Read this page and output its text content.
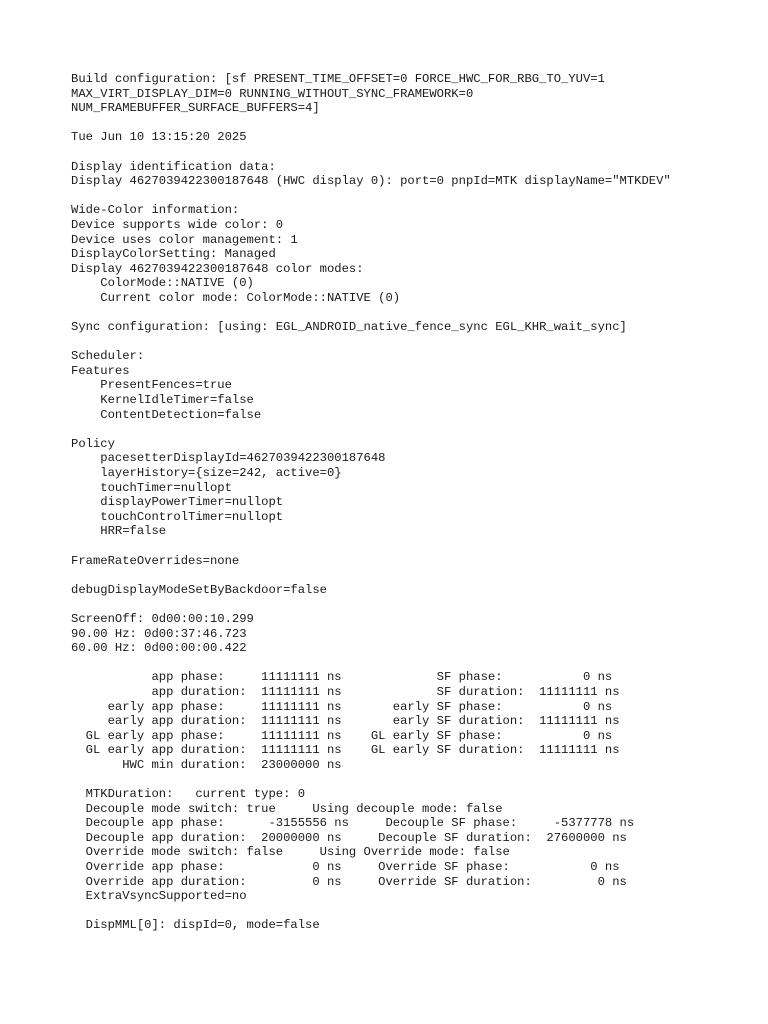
Build configuration: [sf PRESENT_TIME_OFFSET=0 FORCE_HWC_FOR_RBG_TO_YUV=1
MAX_VIRT_DISPLAY_DIM=0 RUNNING_WITHOUT_SYNC_FRAMEWORK=0
NUM_FRAMEBUFFER_SURFACE_BUFFERS=4]
Tue Jun 10 13:15:20 2025
Display identification data:
Display 4627039422300187648 (HWC display 0): port=0 pnpId=MTK displayName="MTKDEV"
Wide-Color information:
Device supports wide color: 0
Device uses color management: 1
DisplayColorSetting: Managed
Display 4627039422300187648 color modes:
ColorMode::NATIVE (0)
Current color mode: ColorMode::NATIVE (0)
Sync configuration: [using: EGL_ANDROID_native_fence_sync EGL_KHR_wait_sync]
Scheduler:
Features
PresentFences=true
KernelIdleTimer=false
ContentDetection=false
Policy
pacesetterDisplayId=4627039422300187648
layerHistory={size=242, active=0}
touchTimer=nullopt
displayPowerTimer=nullopt
touchControlTimer=nullopt
HRR=false
FrameRateOverrides=none
debugDisplayModeSetByBackdoor=false
ScreenOff: 0d00:00:10.299
90.00 Hz: 0d00:37:46.723
60.00 Hz: 0d00:00:00.422
app phase:     11111111 ns             SF phase:           0 ns
app duration:  11111111 ns             SF duration:  11111111 ns
early app phase:     11111111 ns       early SF phase:           0 ns
early app duration:  11111111 ns       early SF duration:  11111111 ns
GL early app phase:     11111111 ns    GL early SF phase:           0 ns
GL early app duration:  11111111 ns    GL early SF duration:  11111111 ns
HWC min duration:  23000000 ns
MTKDuration:   current type: 0
Decouple mode switch: true     Using decouple mode: false
Decouple app phase:      -3155556 ns     Decouple SF phase:     -5377778 ns
Decouple app duration:  20000000 ns     Decouple SF duration:  27600000 ns
Override mode switch: false     Using Override mode: false
Override app phase:            0 ns     Override SF phase:           0 ns
Override app duration:         0 ns     Override SF duration:         0 ns
ExtraVsyncSupported=no
DispMML[0]: dispId=0, mode=false
